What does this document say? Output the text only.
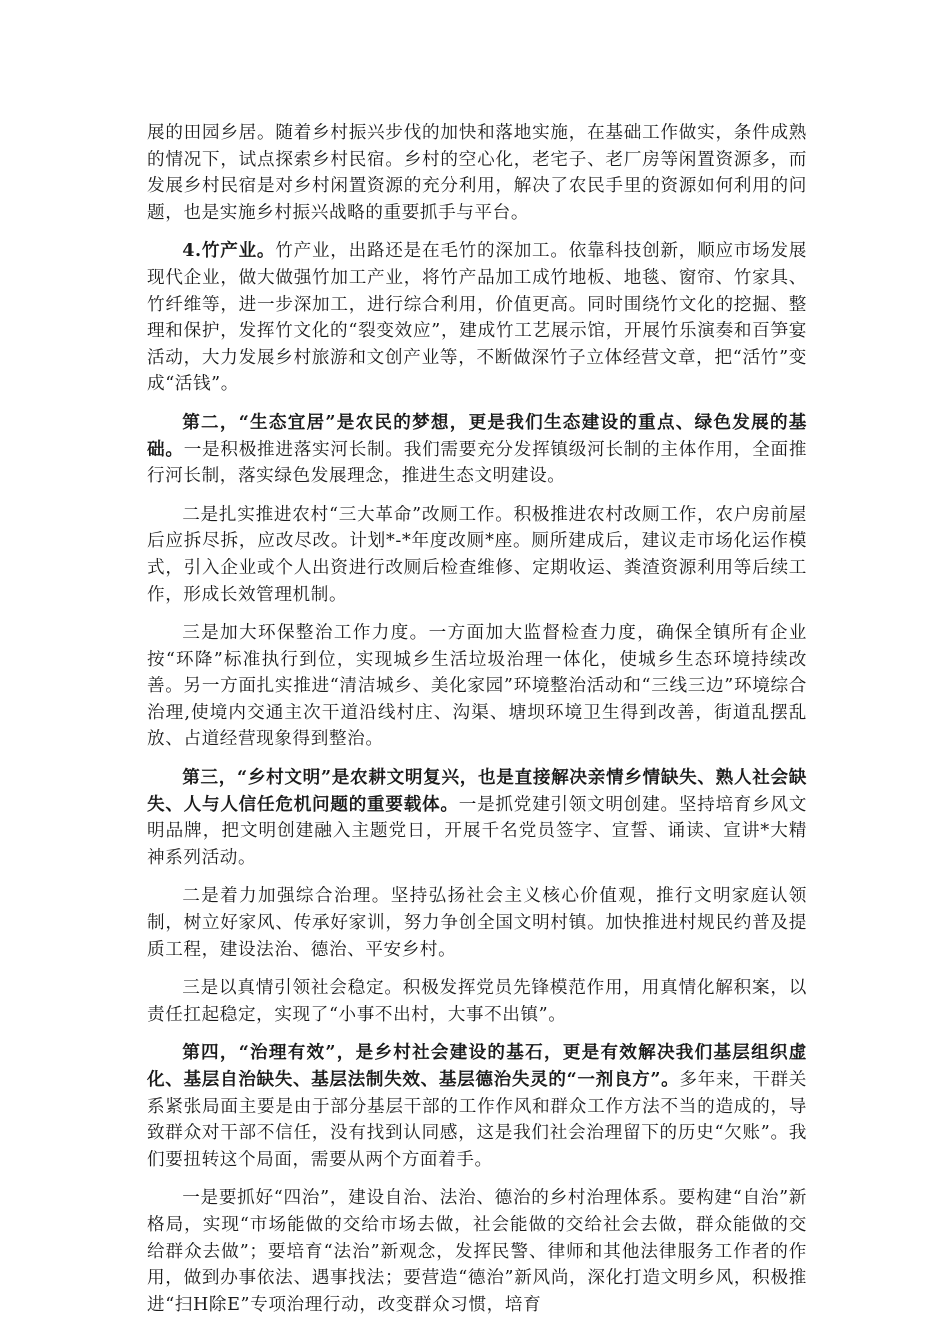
展的田园乡居。随着乡村振兴步伐的加快和落地实施，在基础工作做实，条件成熟的情况下，试点探索乡村民宿。乡村的空心化，老宅子、老厂房等闲置资源多，而发展乡村民宿是对乡村闲置资源的充分利用，解决了农民手里的资源如何利用的问题，也是实施乡村振兴战略的重要抓手与平台。

4.竹产业。竹产业，出路还是在毛竹的深加工。依靠科技创新，顺应市场发展现代企业，做大做强竹加工产业，将竹产品加工成竹地板、地毯、窗帘、竹家具、竹纤维等，进一步深加工，进行综合利用，价值更高。同时围绕竹文化的挖掘、整理和保护，发挥竹文化的“裂变效应”，建成竹工艺展示馆，开展竹乐演奏和百笋宴活动，大力发展乡村旅游和文创产业等，不断做深竹子立体经营文章，把“活竹”变成“活钱”。

第二，“生态宜居”是农民的梦想，更是我们生态建设的重点、绿色发展的基础。一是积极推进落实河长制。我们需要充分发挥镇级河长制的主体作用，全面推行河长制，落实绿色发展理念，推进生态文明建设。

二是扎实推进农村“三大革命”改厕工作。积极推进农村改厕工作，农户房前屋后应拆尽拆，应改尽改。计划*-*年度改厕*座。厕所建成后，建议走市场化运作模式，引入企业或个人出资进行改厕后检查维修、定期收运、粪渣资源利用等后续工作，形成长效管理机制。

三是加大环保整治工作力度。一方面加大监督检查力度，确保全镇所有企业按“环降”标准执行到位，实现城乡生活垃圾治理一体化，使城乡生态环境持续改善。另一方面扎实推进“清洁城乡、美化家园”环境整治活动和“三线三边”环境综合治理,使境内交通主次干道沿线村庄、沟渠、塘坝环境卫生得到改善，街道乱摆乱放、占道经营现象得到整治。

第三，“乡村文明”是农耕文明复兴，也是直接解决亲情乡情缺失、熟人社会缺失、人与人信任危机问题的重要载体。一是抓党建引领文明创建。坚持培育乡风文明品牌，把文明创建融入主题党日，开展千名党员签字、宣誓、诵读、宣讲*大精神系列活动。

二是着力加强综合治理。坚持弘扬社会主义核心价值观，推行文明家庭认领制，树立好家风、传承好家训，努力争创全国文明村镇。加快推进村规民约普及提质工程，建设法治、德治、平安乡村。

三是以真情引领社会稳定。积极发挥党员先锋模范作用，用真情化解积案，以责任扛起稳定，实现了“小事不出村，大事不出镇”。

第四，“治理有效”，是乡村社会建设的基石，更是有效解决我们基层组织虚化、基层自治缺失、基层法制失效、基层德治失灵的“一剂良方”。多年来，干群关系紧张局面主要是由于部分基层干部的工作作风和群众工作方法不当的造成的，导致群众对干部不信任，没有找到认同感，这是我们社会治理留下的历史“欠账”。我们要扭转这个局面，需要从两个方面着手。

一是要抓好“四治”，建设自治、法治、德治的乡村治理体系。要构建“自治”新格局，实现“市场能做的交给市场去做，社会能做的交给社会去做，群众能做的交给群众去做”；要培育“法治”新观念，发挥民警、律师和其他法律服务工作者的作用，做到办事依法、遇事找法；要营造“德治”新风尚，深化打造文明乡风，积极推进“扫H除E”专项治理行动，改变群众习惯，培育
